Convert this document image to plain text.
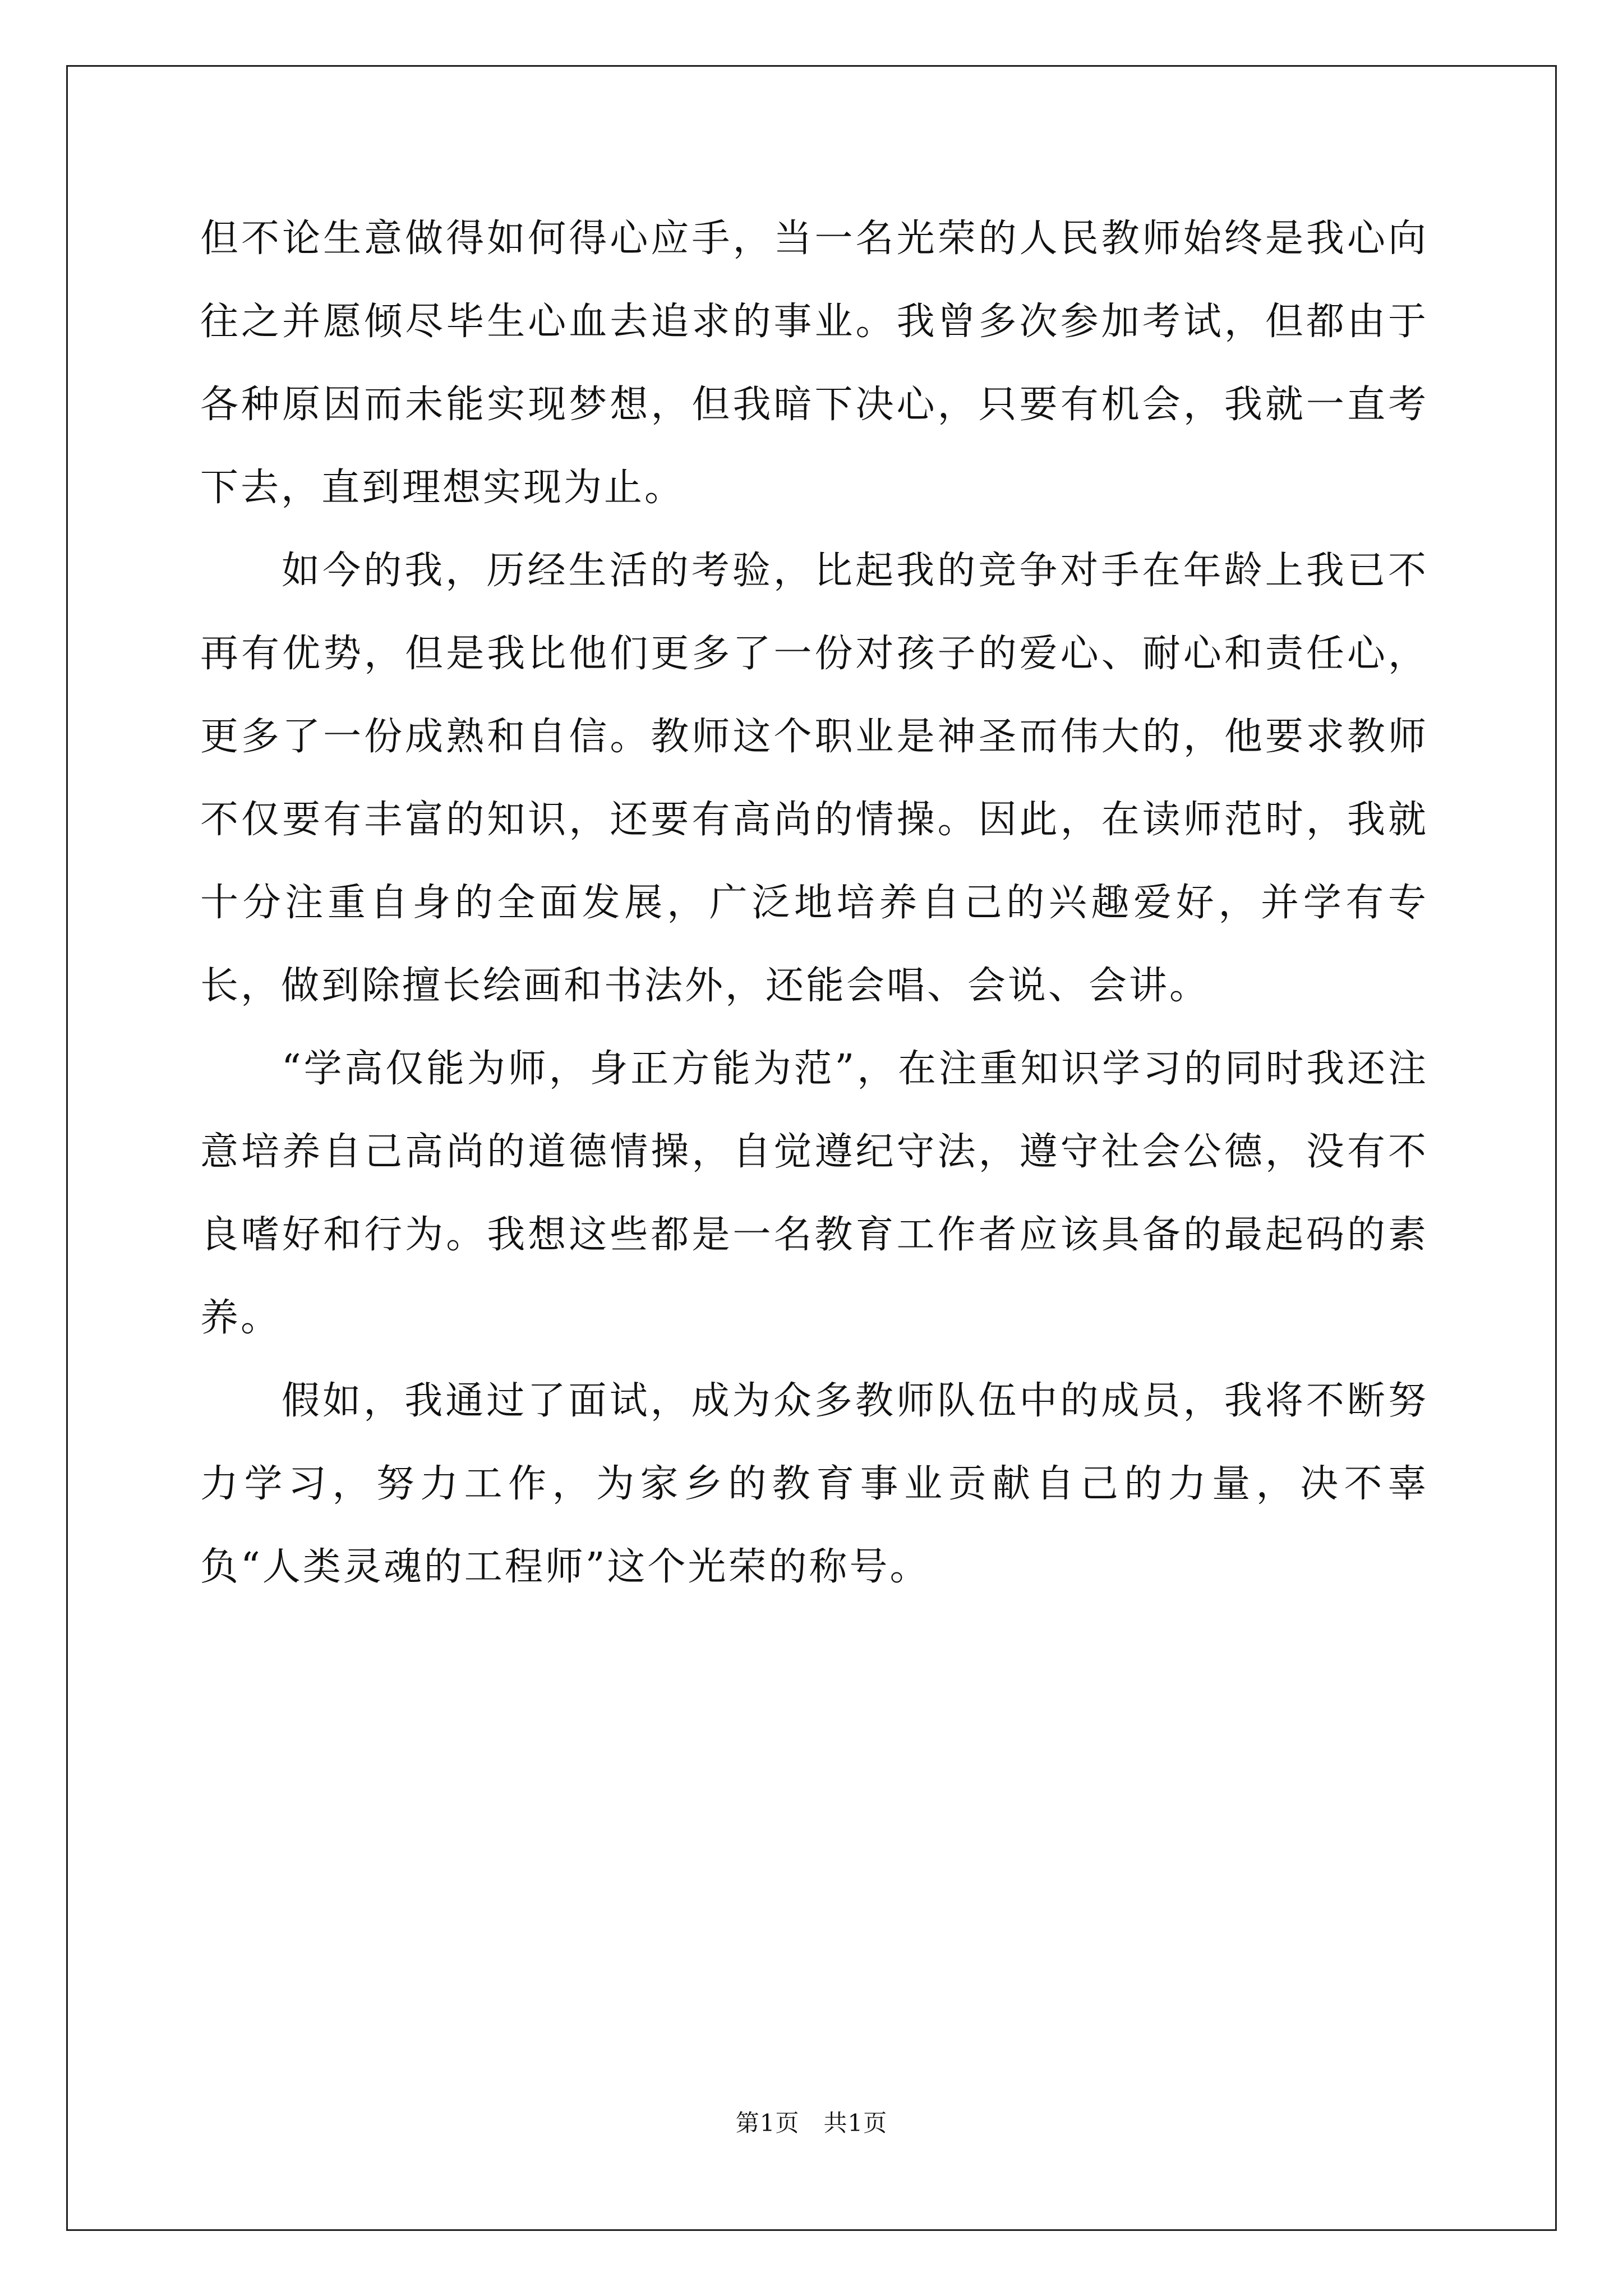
但不论生意做得如何得心应手，当一名光荣的人民教师始终是我心向往之并愿倾尽毕生心血去追求的事业。我曾多次参加考试，但都由于各种原因而未能实现梦想，但我暗下决心，只要有机会，我就一直考下去，直到理想实现为止。

如今的我，历经生活的考验，比起我的竞争对手在年龄上我已不再有优势，但是我比他们更多了一份对孩子的爱心、耐心和责任心，更多了一份成熟和自信。教师这个职业是神圣而伟大的，他要求教师不仅要有丰富的知识，还要有高尚的情操。因此，在读师范时，我就十分注重自身的全面发展，广泛地培养自己的兴趣爱好，并学有专长，做到除擅长绘画和书法外，还能会唱、会说、会讲。

“学高仅能为师，身正方能为范”，在注重知识学习的同时我还注意培养自己高尚的道德情操，自觉遵纪守法，遵守社会公德，没有不良嗜好和行为。我想这些都是一名教育工作者应该具备的最起码的素养。

假如，我通过了面试，成为众多教师队伍中的成员，我将不断努力学习，努力工作，为家乡的教育事业贡献自己的力量，决不辜负“人类灵魂的工程师”这个光荣的称号。

第1页　共1页
